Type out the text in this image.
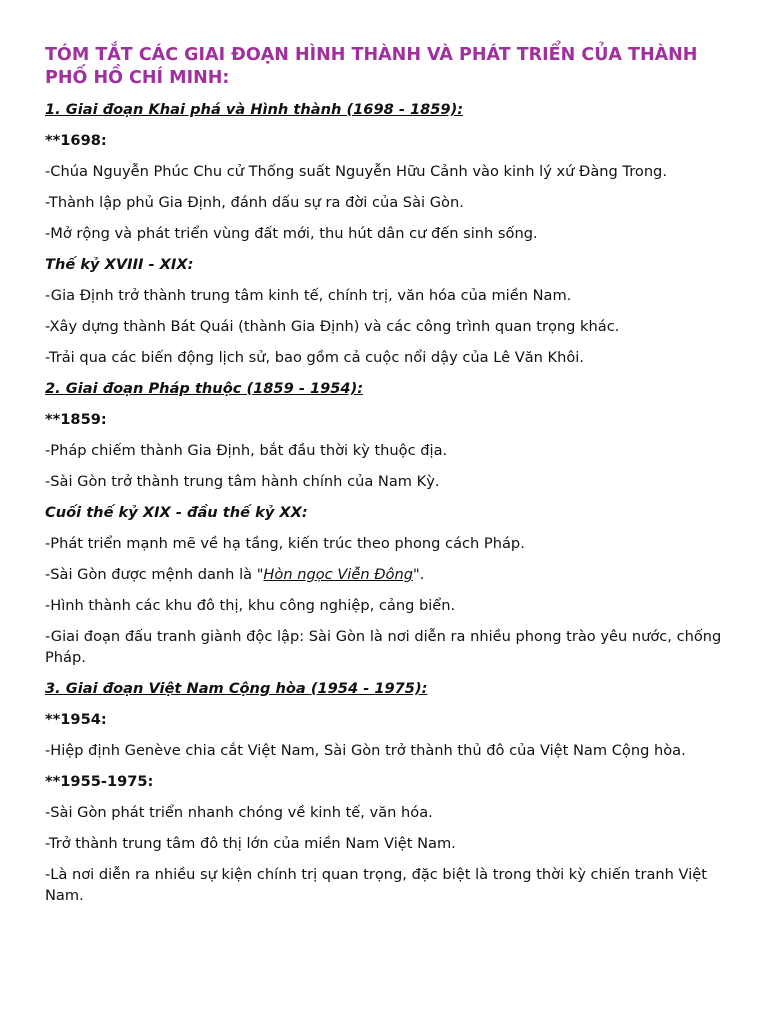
TÓM TẮT CÁC GIAI ĐOẠN HÌNH THÀNH VÀ PHÁT TRIỂN CỦA THÀNH PHỐ HỒ CHÍ MINH:

1. Giai đoạn Khai phá và Hình thành (1698 - 1859):

**1698:

-Chúa Nguyễn Phúc Chu cử Thống suất Nguyễn Hữu Cảnh vào kinh lý xứ Đàng Trong.

-Thành lập phủ Gia Định, đánh dấu sự ra đời của Sài Gòn.

-Mở rộng và phát triển vùng đất mới, thu hút dân cư đến sinh sống.

Thế kỷ XVIII - XIX:

-Gia Định trở thành trung tâm kinh tế, chính trị, văn hóa của miền Nam.

-Xây dựng thành Bát Quái (thành Gia Định) và các công trình quan trọng khác.

-Trải qua các biến động lịch sử, bao gồm cả cuộc nổi dậy của Lê Văn Khôi.

2. Giai đoạn Pháp thuộc (1859 - 1954):

**1859:

-Pháp chiếm thành Gia Định, bắt đầu thời kỳ thuộc địa.

-Sài Gòn trở thành trung tâm hành chính của Nam Kỳ.

Cuối thế kỷ XIX - đầu thế kỷ XX:

-Phát triển mạnh mẽ về hạ tầng, kiến trúc theo phong cách Pháp.

-Sài Gòn được mệnh danh là "Hòn ngọc Viễn Đông".

-Hình thành các khu đô thị, khu công nghiệp, cảng biển.

-Giai đoạn đấu tranh giành độc lập: Sài Gòn là nơi diễn ra nhiều phong trào yêu nước, chống Pháp.

3. Giai đoạn Việt Nam Cộng hòa (1954 - 1975):

**1954:

-Hiệp định Genève chia cắt Việt Nam, Sài Gòn trở thành thủ đô của Việt Nam Cộng hòa.

**1955-1975:

-Sài Gòn phát triển nhanh chóng về kinh tế, văn hóa.

-Trở thành trung tâm đô thị lớn của miền Nam Việt Nam.

-Là nơi diễn ra nhiều sự kiện chính trị quan trọng, đặc biệt là trong thời kỳ chiến tranh Việt Nam.
